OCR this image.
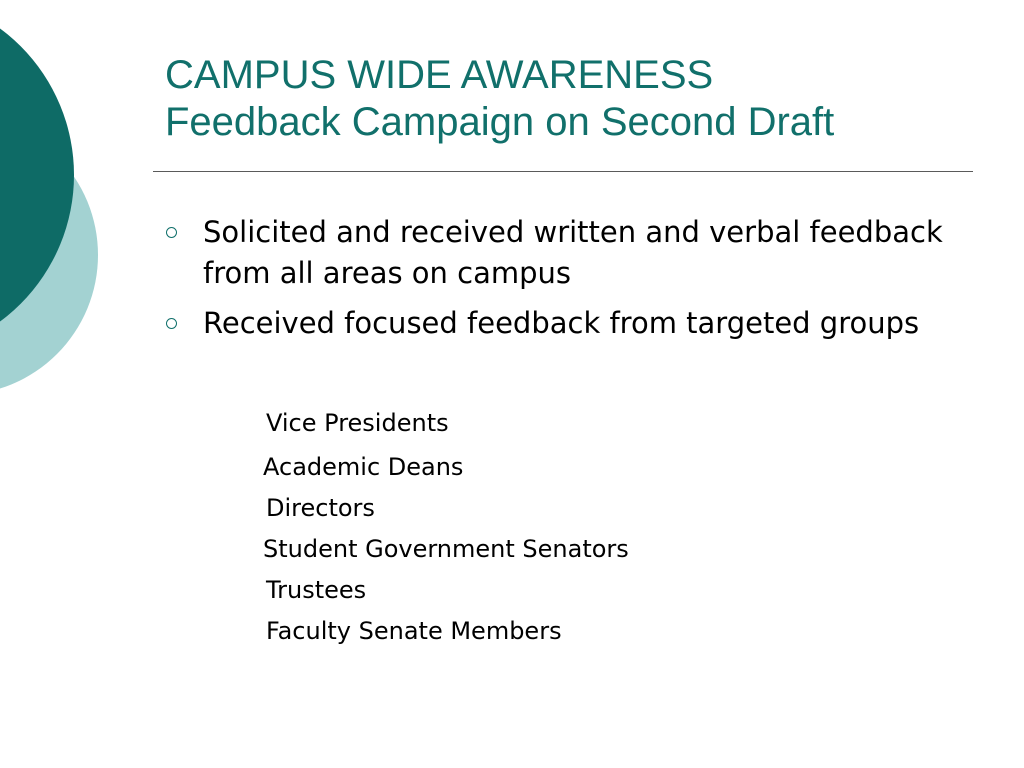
CAMPUS WIDE AWARENESS
Feedback Campaign on Second Draft
Solicited and received written and verbal feedback from all areas on campus
Received focused feedback from targeted groups
Vice Presidents
Academic Deans
Directors
Student Government Senators
Trustees
Faculty Senate Members
